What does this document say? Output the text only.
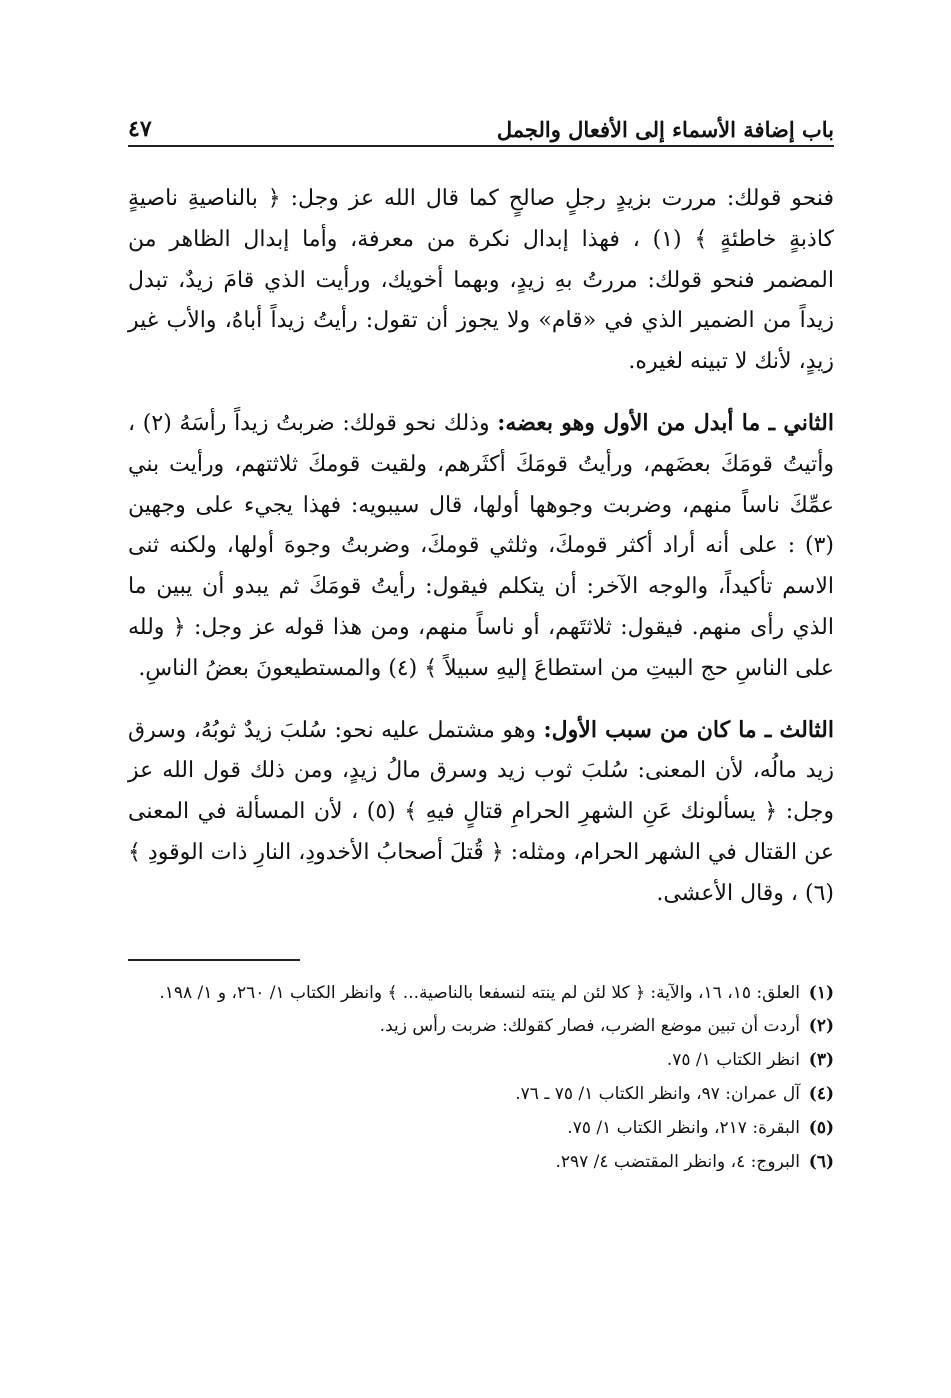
باب إضافة الأسماء إلى الأفعال والجمل
٤٧

فنحو قولك: مررت بزيدٍ رجلٍ صالحٍ كما قال الله عز وجل: ﴿ بالناصيةِ ناصيةٍ كاذبةٍ خاطئةٍ ﴾ (١) ، فهذا إبدال نكرة من معرفة، وأما إبدال الظاهر من المضمر فنحو قولك: مررتُ بهِ زيدٍ، وبهما أخويك، ورأيت الذي قامَ زيدٌ، تبدل زيداً من الضمير الذي في «قام» ولا يجوز أن تقول: رأيتُ زيداً أباهُ، والأب غير زيدٍ، لأنك لا تبينه لغيره.

الثاني ـ ما أبدل من الأول وهو بعضه: وذلك نحو قولك: ضربتُ زيداً رأسَهُ (٢) ، وأتيتُ قومَكَ بعضَهم، ورأيتُ قومَكَ أكثَرهم، ولقيت قومكَ ثلاثتهم، ورأيت بني عمِّكَ ناساً منهم، وضربت وجوهها أولها، قال سيبويه: فهذا يجيء على وجهين (٣) : على أنه أراد أكثر قومكَ، وثلثي قومكَ، وضربتُ وجوهَ أولها، ولكنه ثنى الاسم تأكيداً، والوجه الآخر: أن يتكلم فيقول: رأيتُ قومَكَ ثم يبدو أن يبين ما الذي رأى منهم. فيقول: ثلاثتَهم، أو ناساً منهم، ومن هذا قوله عز وجل: ﴿ ولله على الناسِ حج البيتِ من استطاعَ إليهِ سبيلاً ﴾ (٤) والمستطيعونَ بعضُ الناسِ.

الثالث ـ ما كان من سبب الأول: وهو مشتمل عليه نحو: سُلبَ زيدٌ ثوبُهُ، وسرق زيد مالُه، لأن المعنى: سُلبَ ثوب زيد وسرق مالُ زيدٍ، ومن ذلك قول الله عز وجل: ﴿ يسألونك عَنِ الشهرِ الحرامِ قتالٍ فيهِ ﴾ (٥) ، لأن المسألة في المعنى عن القتال في الشهر الحرام، ومثله: ﴿ قُتلَ أصحابُ الأخدودِ، النارِ ذات الوقودِ ﴾ (٦) ، وقال الأعشى.

(١)
العلق: ١٥، ١٦، والآية: ﴿ كلا لئن لم ينته لنسفعا بالناصية... ﴾ وانظر الكتاب ١/ ٢٦٠، و ١/ ١٩٨.
(٢)
أردت أن تبين موضع الضرب، فصار كقولك: ضربت رأس زيد.
(٣)
انظر الكتاب ١/ ٧٥.
(٤)
آل عمران: ٩٧، وانظر الكتاب ١/ ٧٥ ـ ٧٦.
(٥)
البقرة: ٢١٧، وانظر الكتاب ١/ ٧٥.
(٦)
البروج: ٤، وانظر المقتضب ٤/ ٢٩٧.
